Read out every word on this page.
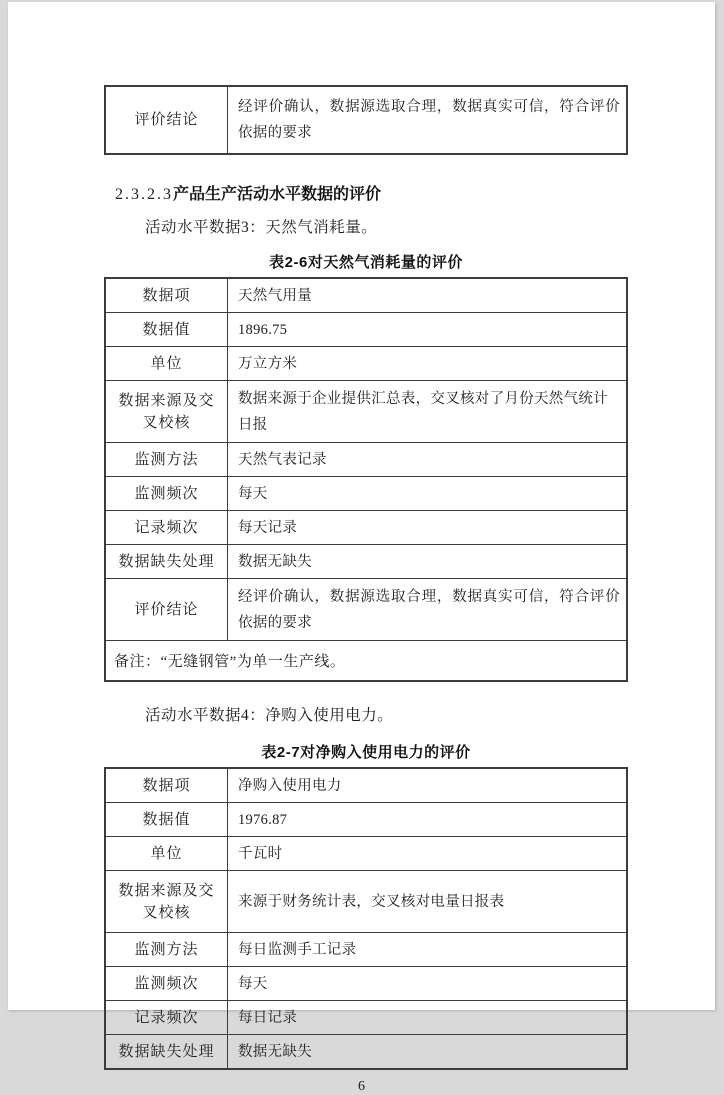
评价结论	经评价确认，数据源选取合理，数据真实可信，符合评价依据的要求
2.3.2.3产品生产活动水平数据的评价
活动水平数据3：天然气消耗量。
表2-6对天然气消耗量的评价
数据项	天然气用量
数据值	1896.75
单位	万立方米
数据来源及交叉校核	数据来源于企业提供汇总表，交叉核对了月份天然气统计日报
监测方法	天然气表记录
监测频次	每天
记录频次	每天记录
数据缺失处理	数据无缺失
评价结论	经评价确认，数据源选取合理，数据真实可信，符合评价依据的要求
备注：“无缝钢管”为单一生产线。	
活动水平数据4：净购入使用电力。
表2-7对净购入使用电力的评价
数据项	净购入使用电力
数据值	1976.87
单位	千瓦时
数据来源及交叉校核	来源于财务统计表，交叉核对电量日报表
监测方法	每日监测手工记录
监测频次	每天
记录频次	每日记录
数据缺失处理	数据无缺失
6
